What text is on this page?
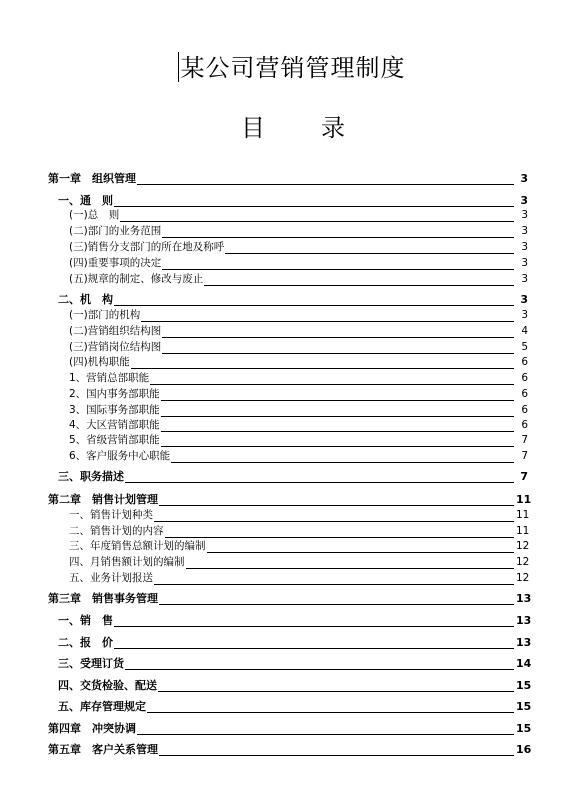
某公司营销管理制度
目录
第一章　组织管理	3
一、通　则	3
(一)总　则	3
(二)部门的业务范围	3
(三)销售分支部门的所在地及称呼	3
(四)重要事项的决定	3
(五)规章的制定、修改与废止	3
二、机　构	3
(一)部门的机构	3
(二)营销组织结构图	4
(三)营销岗位结构图	5
(四)机构职能	6
1、营销总部职能	6
2、国内事务部职能	6
3、国际事务部职能	6
4、大区营销部职能	6
5、省级营销部职能	7
6、客户服务中心职能	7
三、职务描述	7
第二章　销售计划管理	11
一、销售计划种类	11
二、销售计划的内容	11
三、年度销售总额计划的编制	12
四、月销售额计划的编制	12
五、业务计划报送	12
第三章　销售事务管理	13
一、销　售	13
二、报　价	13
三、受理订货	14
四、交货检验、配送	15
五、库存管理规定	15
第四章　冲突协调	15
第五章　客户关系管理	16
